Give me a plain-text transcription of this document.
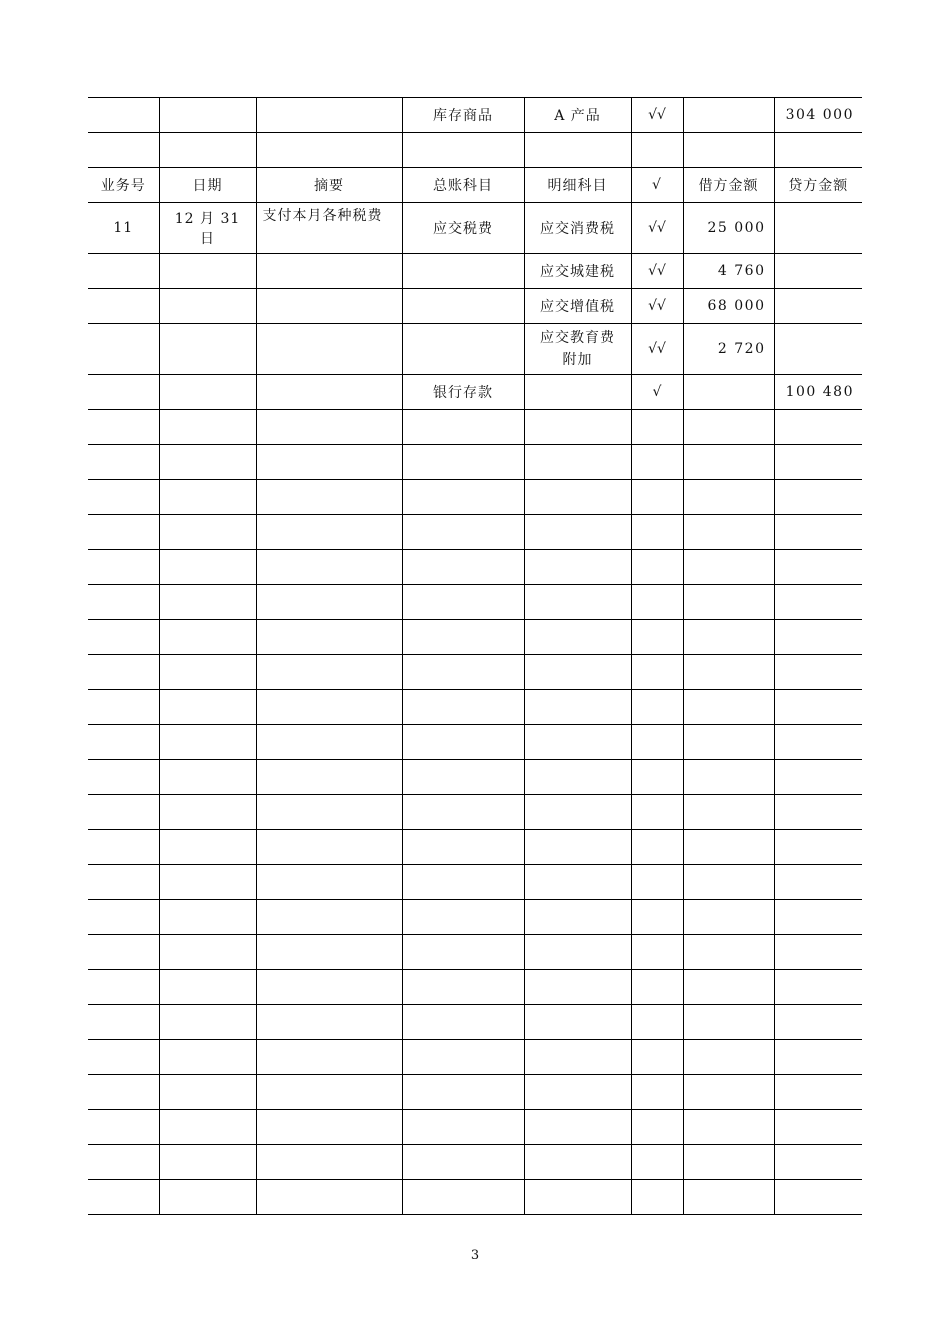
			库存商品	A 产品	√√		304 000

业务号	日期	摘要	总账科目	明细科目	√	借方金额	贷方金额
11	12 月 31 日	支付本月各种税费	应交税费	应交消费税	√√	25 000	
				应交城建税	√√	4 760	
				应交增值税	√√	68 000	
				应交教育费附加	√√	2 720	
			银行存款		√		100 480

3
